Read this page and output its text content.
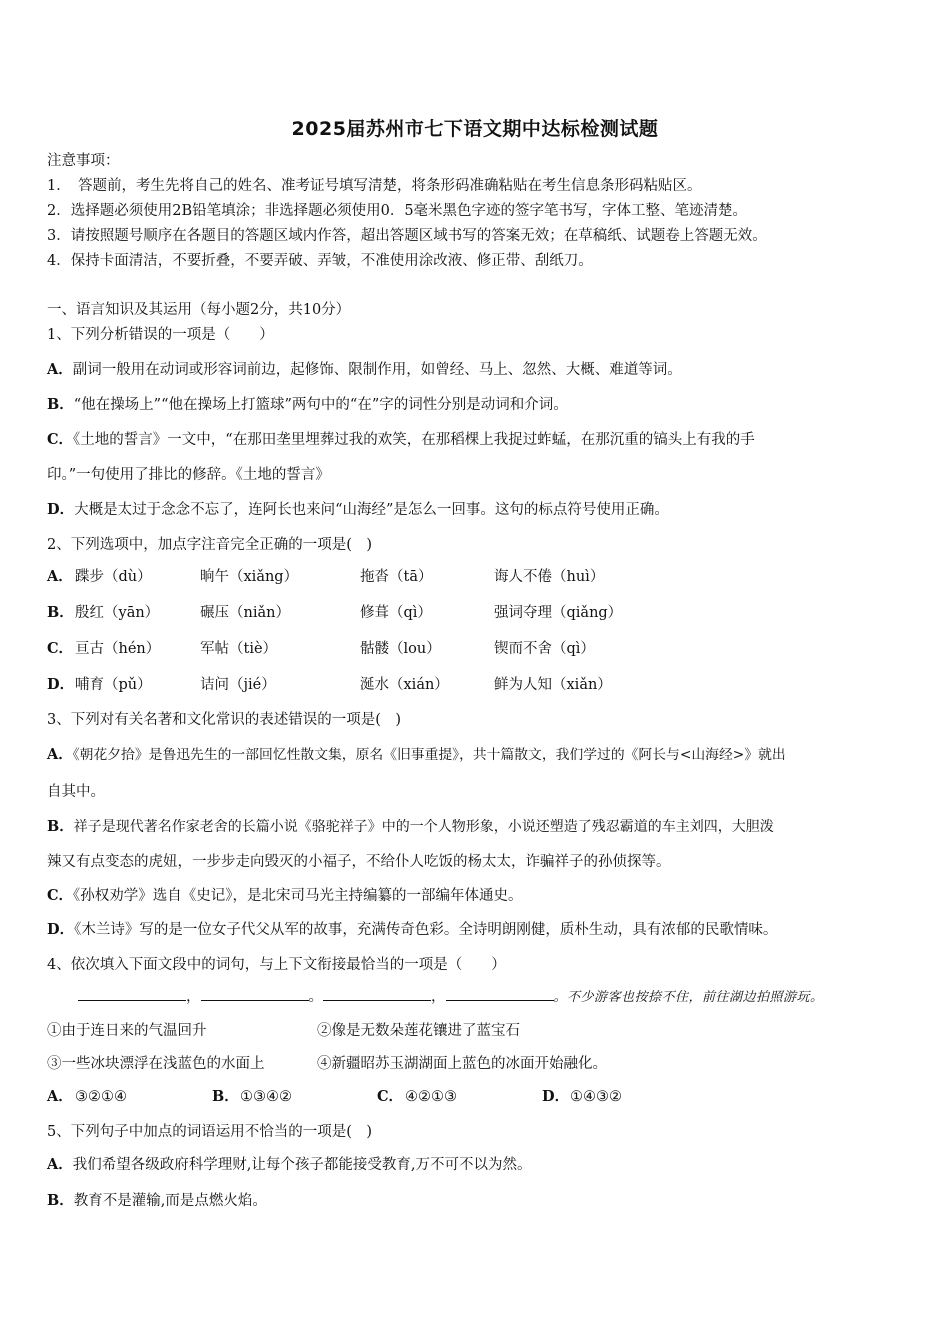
2025届苏州市七下语文期中达标检测试题
注意事项：
1．　答题前，考生先将自己的姓名、准考证号填写清楚，将条形码准确粘贴在考生信息条形码粘贴区。
2．选择题必须使用2B铅笔填涂；非选择题必须使用0．5毫米黑色字迹的签字笔书写，字体工整、笔迹清楚。
3．请按照题号顺序在各题目的答题区域内作答，超出答题区域书写的答案无效；在草稿纸、试题卷上答题无效。
4．保持卡面清洁，不要折叠，不要弄破、弄皱，不准使用涂改液、修正带、刮纸刀。
一、语言知识及其运用（每小题2分，共10分）
1、下列分析错误的一项是（　　）
A．副词一般用在动词或形容词前边，起修饰、限制作用，如曾经、马上、忽然、大概、难道等词。
B．“他在操场上”“他在操场上打篮球”两句中的“在”字的词性分别是动词和介词。
C．《土地的誓言》一文中，“在那田垄里埋葬过我的欢笑，在那稻棵上我捉过蚱蜢，在那沉重的镐头上有我的手
印。”一句使用了排比的修辞。《土地的誓言》
D．大概是太过于念念不忘了，连阿长也来问“山海经”是怎么一回事。这句的标点符号使用正确。
2、下列选项中，加点字注音完全正确的一项是(　)
A． 蹀步（dù）	晌午（xiǎng）	拖沓（tā）	诲人不倦（huì）
B． 殷红（yān）	碾压（niǎn）	修葺（qì）	强词夺理（qiǎng）
C． 亘古（hén）	军帖（tiè）	骷髅（lou）	锲而不舍（qì）
D． 哺育（pǔ）	诘问（jié）	涎水（xián）	鲜为人知（xiǎn）
3、下列对有关名著和文化常识的表述错误的一项是(　)
A．《朝花夕拾》是鲁迅先生的一部回忆性散文集，原名《旧事重提》，共十篇散文，我们学过的《阿长与<山海经>》就出
自其中。
B．祥子是现代著名作家老舍的长篇小说《骆驼祥子》中的一个人物形象，小说还塑造了残忍霸道的车主刘四，大胆泼
辣又有点变态的虎妞，一步步走向毁灭的小福子，不给仆人吃饭的杨太太，诈骗祥子的孙侦探等。
C．《孙权劝学》选自《史记》，是北宋司马光主持编纂的一部编年体通史。
D．《木兰诗》写的是一位女子代父从军的故事，充满传奇色彩。全诗明朗刚健，质朴生动，具有浓郁的民歌情味。
4、依次填入下面文段中的词句，与上下文衔接最恰当的一项是（　　）
，	。	，	。不少游客也按捺不住，前往湖边拍照游玩。
①由于连日来的气温回升	②像是无数朵莲花镶进了蓝宝石
③一些冰块漂浮在浅蓝色的水面上	④新疆昭苏玉湖湖面上蓝色的冰面开始融化。
A． ③②①④	B． ①③④②	C． ④②①③	D． ①④③②
5、下列句子中加点的词语运用不恰当的一项是(　)
A．我们希望各级政府科学理财,让每个孩子都能接受教育,万不可不以为然。
B．教育不是灌输,而是点燃火焰。
